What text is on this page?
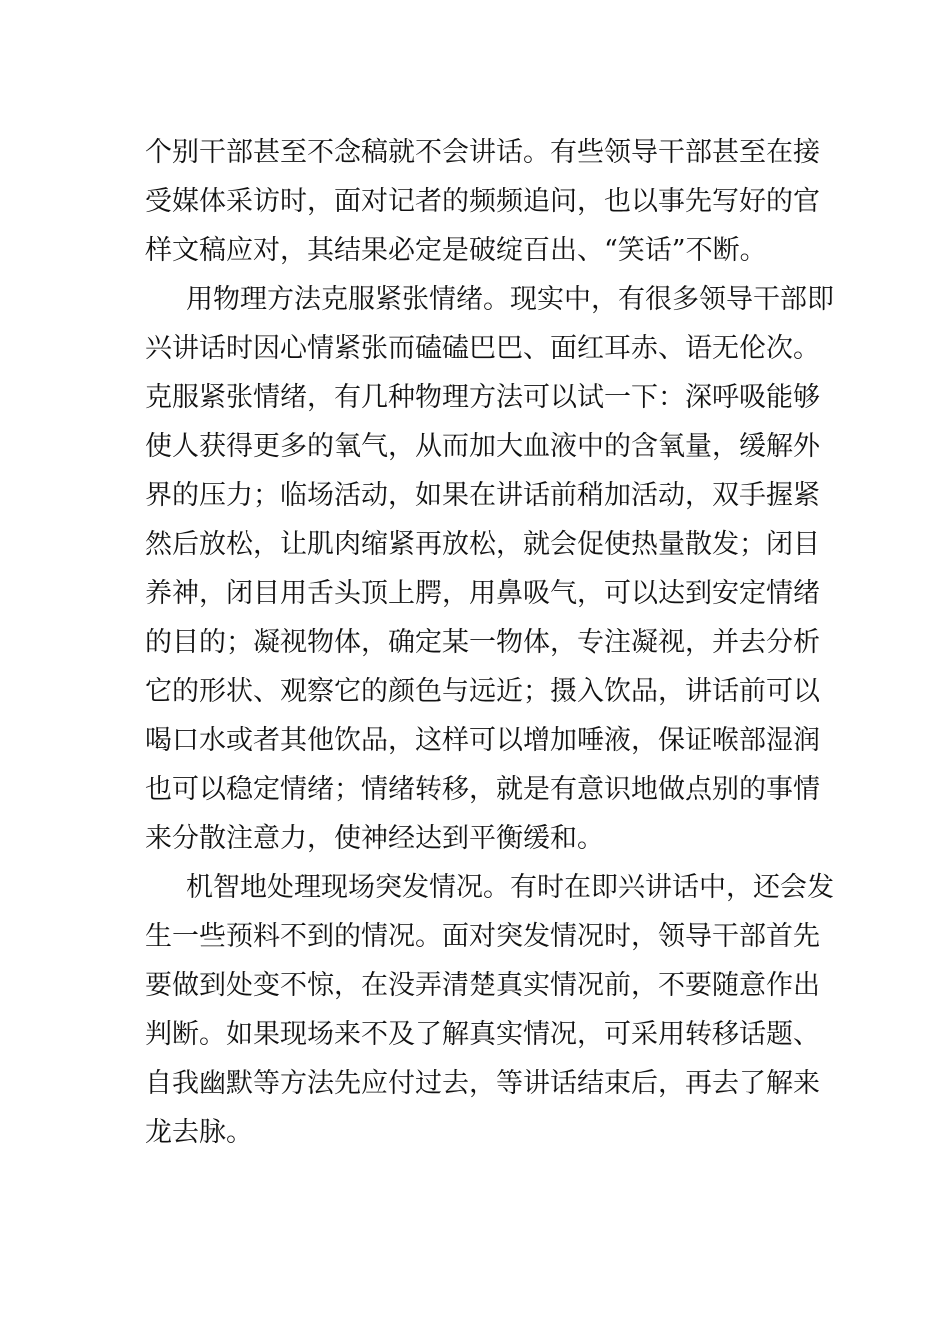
个别干部甚至不念稿就不会讲话。有些领导干部甚至在接
受媒体采访时，面对记者的频频追问，也以事先写好的官
样文稿应对，其结果必定是破绽百出、“笑话”不断。
用物理方法克服紧张情绪。现实中，有很多领导干部即
兴讲话时因心情紧张而磕磕巴巴、面红耳赤、语无伦次。
克服紧张情绪，有几种物理方法可以试一下：深呼吸能够
使人获得更多的氧气，从而加大血液中的含氧量，缓解外
界的压力；临场活动，如果在讲话前稍加活动，双手握紧
然后放松，让肌肉缩紧再放松，就会促使热量散发；闭目
养神，闭目用舌头顶上腭，用鼻吸气，可以达到安定情绪
的目的；凝视物体，确定某一物体，专注凝视，并去分析
它的形状、观察它的颜色与远近；摄入饮品，讲话前可以
喝口水或者其他饮品，这样可以增加唾液，保证喉部湿润
也可以稳定情绪；情绪转移，就是有意识地做点别的事情
来分散注意力，使神经达到平衡缓和。
机智地处理现场突发情况。有时在即兴讲话中，还会发
生一些预料不到的情况。面对突发情况时，领导干部首先
要做到处变不惊，在没弄清楚真实情况前，不要随意作出
判断。如果现场来不及了解真实情况，可采用转移话题、
自我幽默等方法先应付过去，等讲话结束后，再去了解来
龙去脉。
